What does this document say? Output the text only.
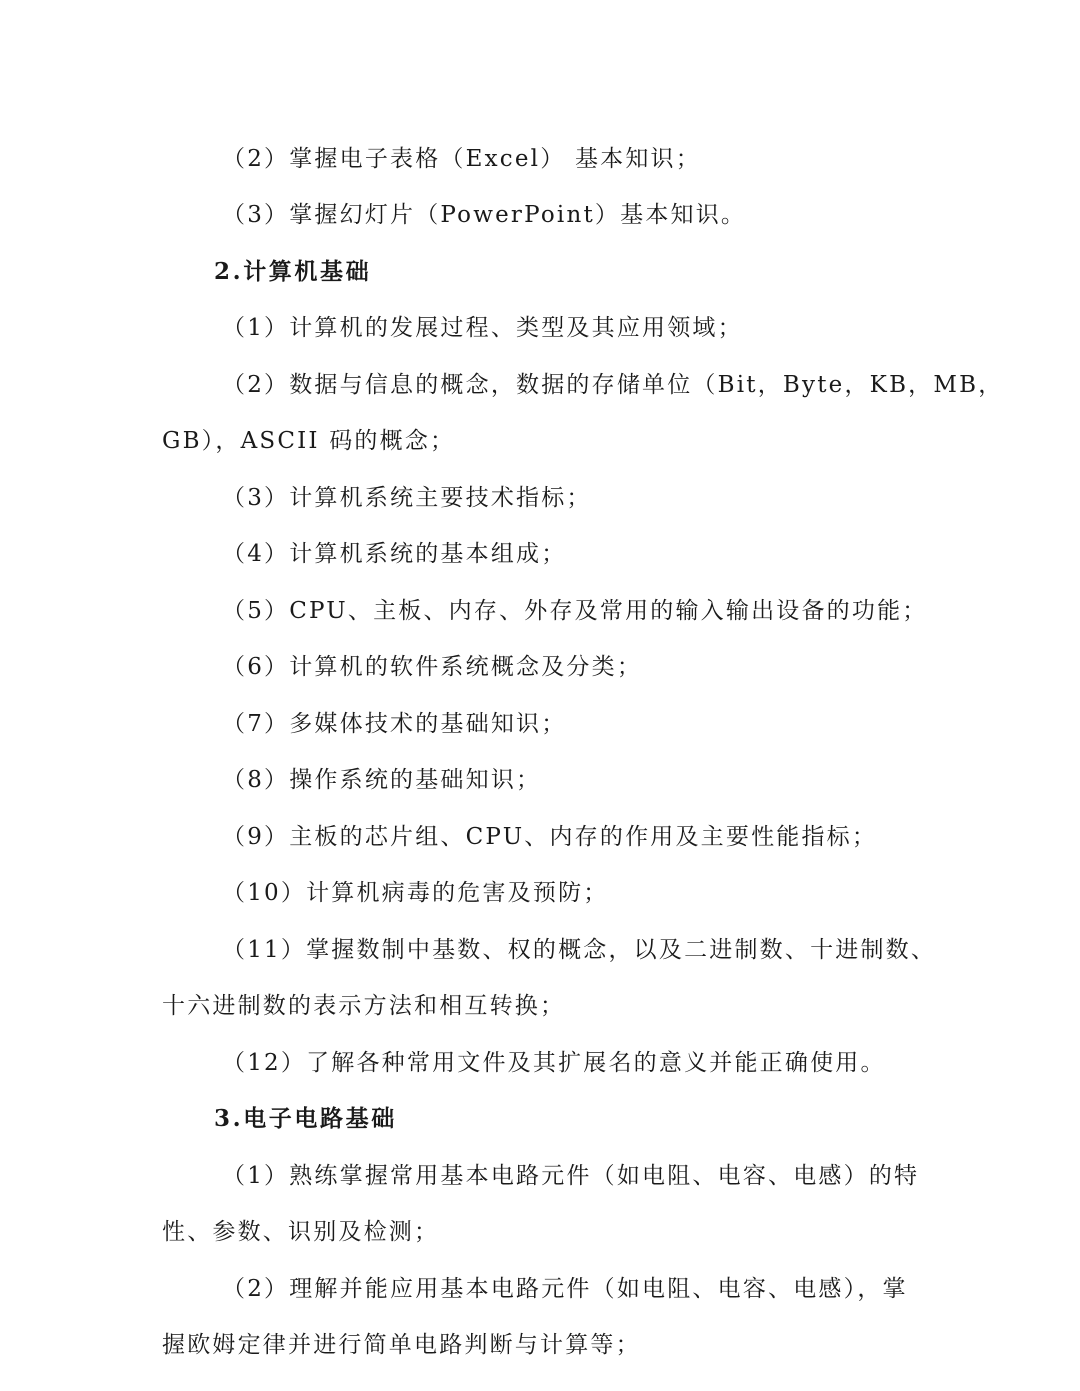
（2）掌握电子表格（Excel） 基本知识；
（3）掌握幻灯片（PowerPoint）基本知识。
2.计算机基础
（1）计算机的发展过程、类型及其应用领域；
（2）数据与信息的概念，数据的存储单位（Bit，Byte，KB，MB，
GB），ASCII 码的概念；
（3）计算机系统主要技术指标；
（4）计算机系统的基本组成；
（5）CPU、主板、内存、外存及常用的输入输出设备的功能；
（6）计算机的软件系统概念及分类；
（7）多媒体技术的基础知识；
（8）操作系统的基础知识；
（9）主板的芯片组、CPU、内存的作用及主要性能指标；
（10）计算机病毒的危害及预防；
（11）掌握数制中基数、权的概念，以及二进制数、十进制数、
十六进制数的表示方法和相互转换；
（12）了解各种常用文件及其扩展名的意义并能正确使用。
3.电子电路基础
（1）熟练掌握常用基本电路元件（如电阻、电容、电感）的特
性、参数、识别及检测；
（2）理解并能应用基本电路元件（如电阻、电容、电感），掌
握欧姆定律并进行简单电路判断与计算等；
